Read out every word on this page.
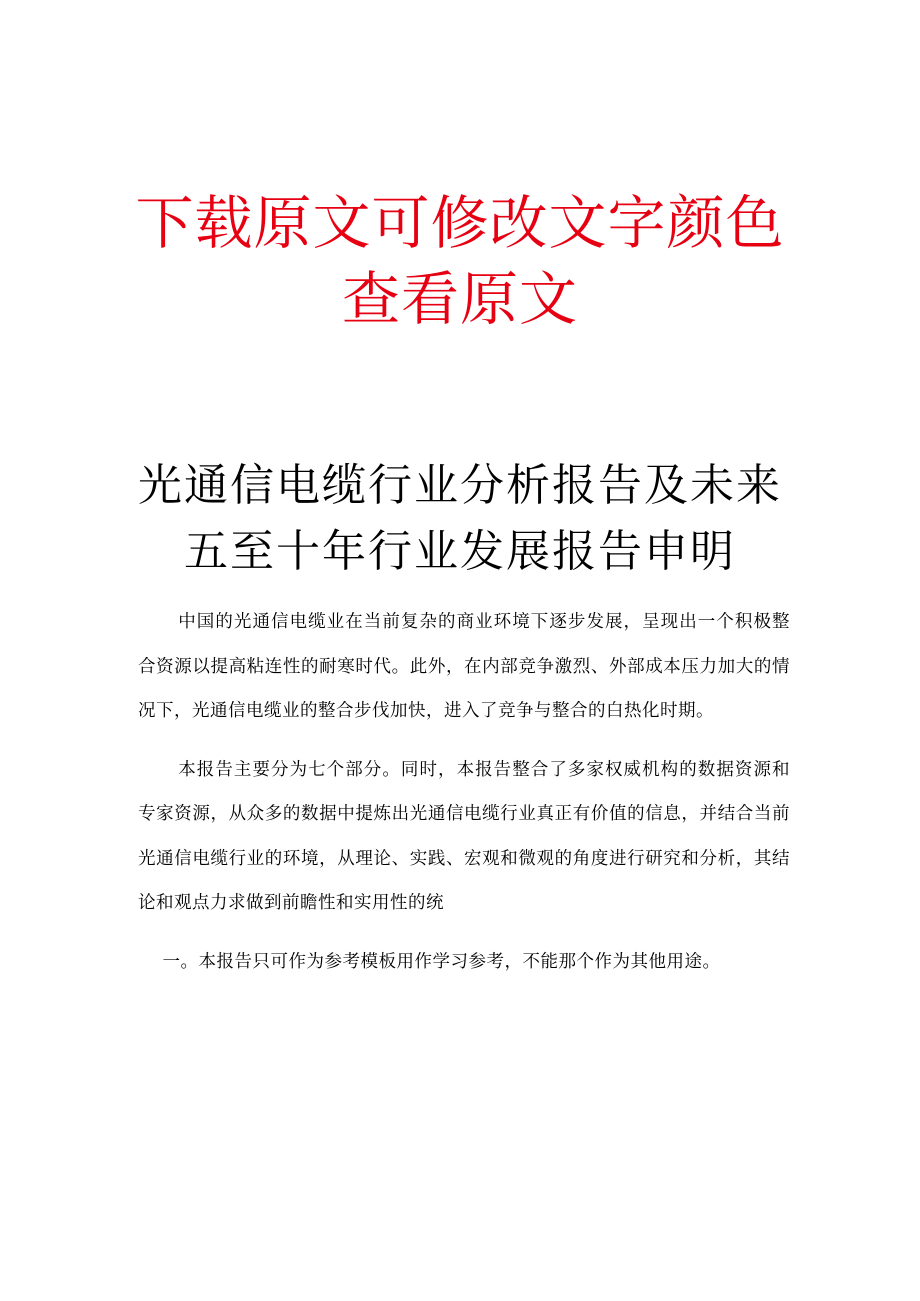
下载原文可修改文字颜色
查看原文
光通信电缆行业分析报告及未来
五至十年行业发展报告申明

中国的光通信电缆业在当前复杂的商业环境下逐步发展，呈现出一个积极整合资源以提高粘连性的耐寒时代。此外，在内部竞争激烈、外部成本压力加大的情况下，光通信电缆业的整合步伐加快，进入了竞争与整合的白热化时期。

本报告主要分为七个部分。同时，本报告整合了多家权威机构的数据资源和专家资源，从众多的数据中提炼出光通信电缆行业真正有价值的信息，并结合当前光通信电缆行业的环境，从理论、实践、宏观和微观的角度进行研究和分析，其结论和观点力求做到前瞻性和实用性的统

一。本报告只可作为参考模板用作学习参考，不能那个作为其他用途。
